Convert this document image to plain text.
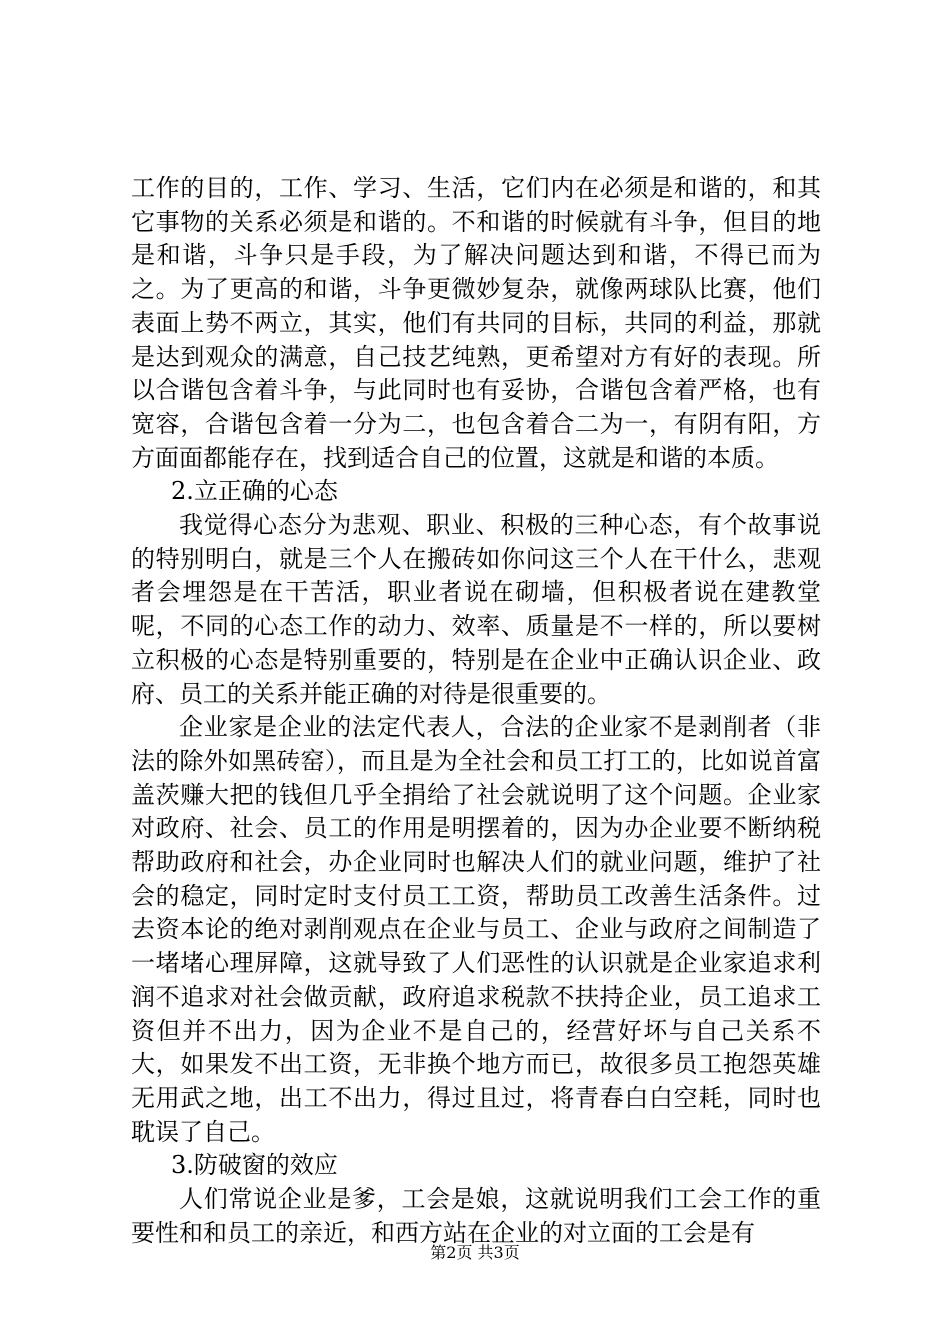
工作的目的，工作、学习、生活，它们内在必须是和谐的，和其它事物的关系必须是和谐的。不和谐的时候就有斗争，但目的地是和谐，斗争只是手段，为了解决问题达到和谐，不得已而为之。为了更高的和谐，斗争更微妙复杂，就像两球队比赛，他们表面上势不两立，其实，他们有共同的目标，共同的利益，那就是达到观众的满意，自己技艺纯熟，更希望对方有好的表现。所以合谐包含着斗争，与此同时也有妥协，合谐包含着严格，也有宽容，合谐包含着一分为二，也包含着合二为一，有阴有阳，方方面面都能存在，找到适合自己的位置，这就是和谐的本质。

2.立正确的心态

我觉得心态分为悲观、职业、积极的三种心态，有个故事说的特别明白，就是三个人在搬砖如你问这三个人在干什么，悲观者会埋怨是在干苦活，职业者说在砌墙，但积极者说在建教堂呢，不同的心态工作的动力、效率、质量是不一样的，所以要树立积极的心态是特别重要的，特别是在企业中正确认识企业、政府、员工的关系并能正确的对待是很重要的。

企业家是企业的法定代表人，合法的企业家不是剥削者（非法的除外如黑砖窑），而且是为全社会和员工打工的，比如说首富盖茨赚大把的钱但几乎全捐给了社会就说明了这个问题。企业家对政府、社会、员工的作用是明摆着的，因为办企业要不断纳税帮助政府和社会，办企业同时也解决人们的就业问题，维护了社会的稳定，同时定时支付员工工资，帮助员工改善生活条件。过去资本论的绝对剥削观点在企业与员工、企业与政府之间制造了一堵堵心理屏障，这就导致了人们恶性的认识就是企业家追求利润不追求对社会做贡献，政府追求税款不扶持企业，员工追求工资但并不出力，因为企业不是自己的，经营好坏与自己关系不大，如果发不出工资，无非换个地方而已，故很多员工抱怨英雄无用武之地，出工不出力，得过且过，将青春白白空耗，同时也耽误了自己。

3.防破窗的效应

人们常说企业是爹，工会是娘，这就说明我们工会工作的重要性和和员工的亲近，和西方站在企业的对立面的工会是有

第2页 共3页
